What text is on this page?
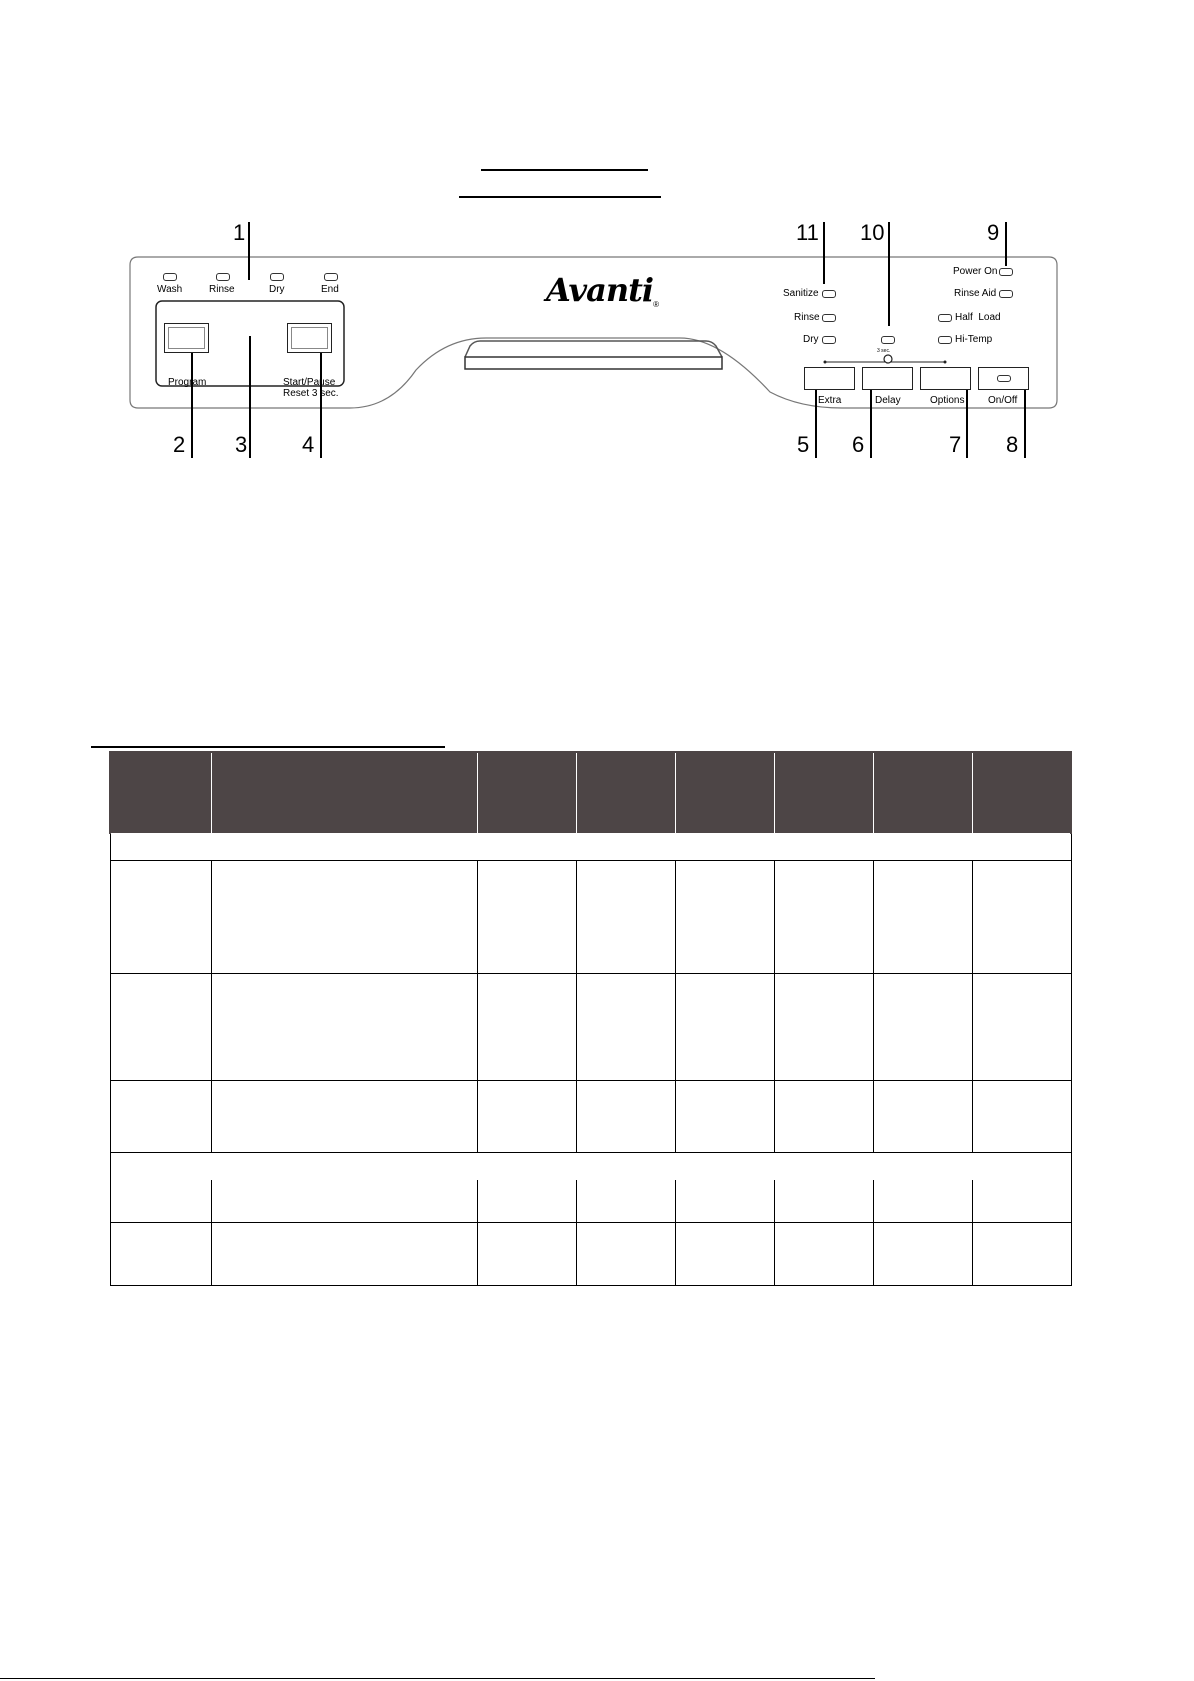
1	11 10	9
2 3 4	5 6	7 8
Wash	Rinse	Dry	End
Program	Start/Pause
Reset 3 sec.
Avanti®
Sanitize
Rinse
Dry
Power On
Rinse Aid
Half  Load
Hi-Temp
3 sec.
Extra	Delay	Options On/Off
